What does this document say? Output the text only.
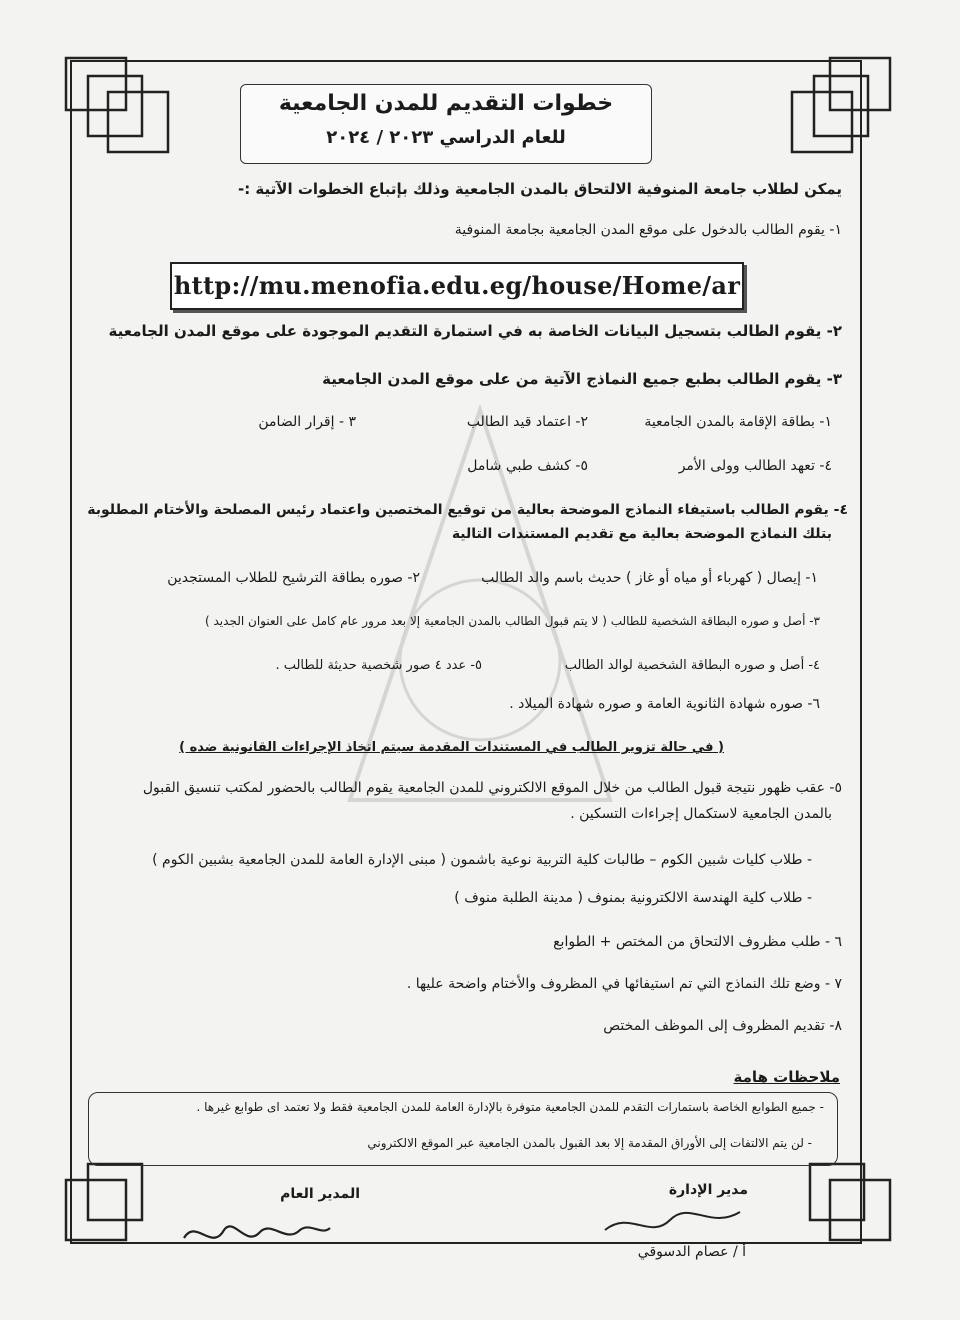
خطوات التقديم للمدن الجامعية
للعام الدراسي ٢٠٢٣ / ٢٠٢٤
يمكن لطلاب جامعة المنوفية الالتحاق بالمدن الجامعية وذلك بإتباع الخطوات الآتية :-
١- يقوم الطالب بالدخول على موقع المدن الجامعية بجامعة المنوفية
http://mu.menofia.edu.eg/house/Home/ar
٢- يقوم الطالب بتسجيل البيانات الخاصة به في استمارة التقديم الموجودة على موقع المدن الجامعية
٣- يقوم الطالب بطبع جميع النماذج الآتية من على موقع المدن الجامعية
١- بطاقة الإقامة بالمدن الجامعية
٢- اعتماد قيد الطالب
٣ - إقرار الضامن
٤- تعهد الطالب وولى الأمر
٥- كشف طبي شامل
٤- يقوم الطالب باستيفاء النماذج الموضحة بعالية من توقيع المختصين واعتماد رئيس المصلحة والأختام المطلوبة
بتلك النماذج الموضحة بعالية مع تقديم المستندات التالية
١- إيصال ( كهرباء أو مياه أو غاز ) حديث باسم والد الطالب
٢- صوره بطاقة الترشيح للطلاب المستجدين
٣- أصل و صوره البطاقة الشخصية للطالب ( لا يتم قبول الطالب بالمدن الجامعية إلا بعد مرور عام كامل على العنوان الجديد )
٤- أصل و صوره البطاقة الشخصية لوالد الطالب
٥- عدد ٤ صور شخصية حديثة للطالب .
٦- صوره شهادة الثانوية العامة و صوره شهادة الميلاد .
( في حالة تزوير الطالب في المستندات المقدمة سيتم اتخاذ الإجراءات القانونية ضده )
٥- عقب ظهور نتيجة قبول الطالب من خلال الموقع الالكتروني للمدن الجامعية يقوم الطالب بالحضور لمكتب تنسيق القبول
بالمدن الجامعية لاستكمال إجراءات التسكين .
- طلاب كليات شبين الكوم – طالبات كلية التربية نوعية باشمون ( مبنى الإدارة العامة للمدن الجامعية بشبين الكوم )
- طلاب كلية الهندسة الالكترونية بمنوف ( مدينة الطلبة منوف )
٦ - طلب مظروف الالتحاق من المختص + الطوابع
٧ - وضع تلك النماذج التي تم استيفائها في المظروف والأختام واضحة عليها .
٨- تقديم المظروف إلى الموظف المختص
ملاحظات هامة
- جميع الطوابع الخاصة باستمارات التقدم للمدن الجامعية متوفرة بالإدارة العامة للمدن الجامعية فقط ولا تعتمد اى طوابع غيرها .
- لن يتم الالتفات إلى الأوراق المقدمة إلا بعد القبول بالمدن الجامعية عبر الموقع الالكتروني
مدير الإدارة
أ / عصام الدسوقي
المدير العام
